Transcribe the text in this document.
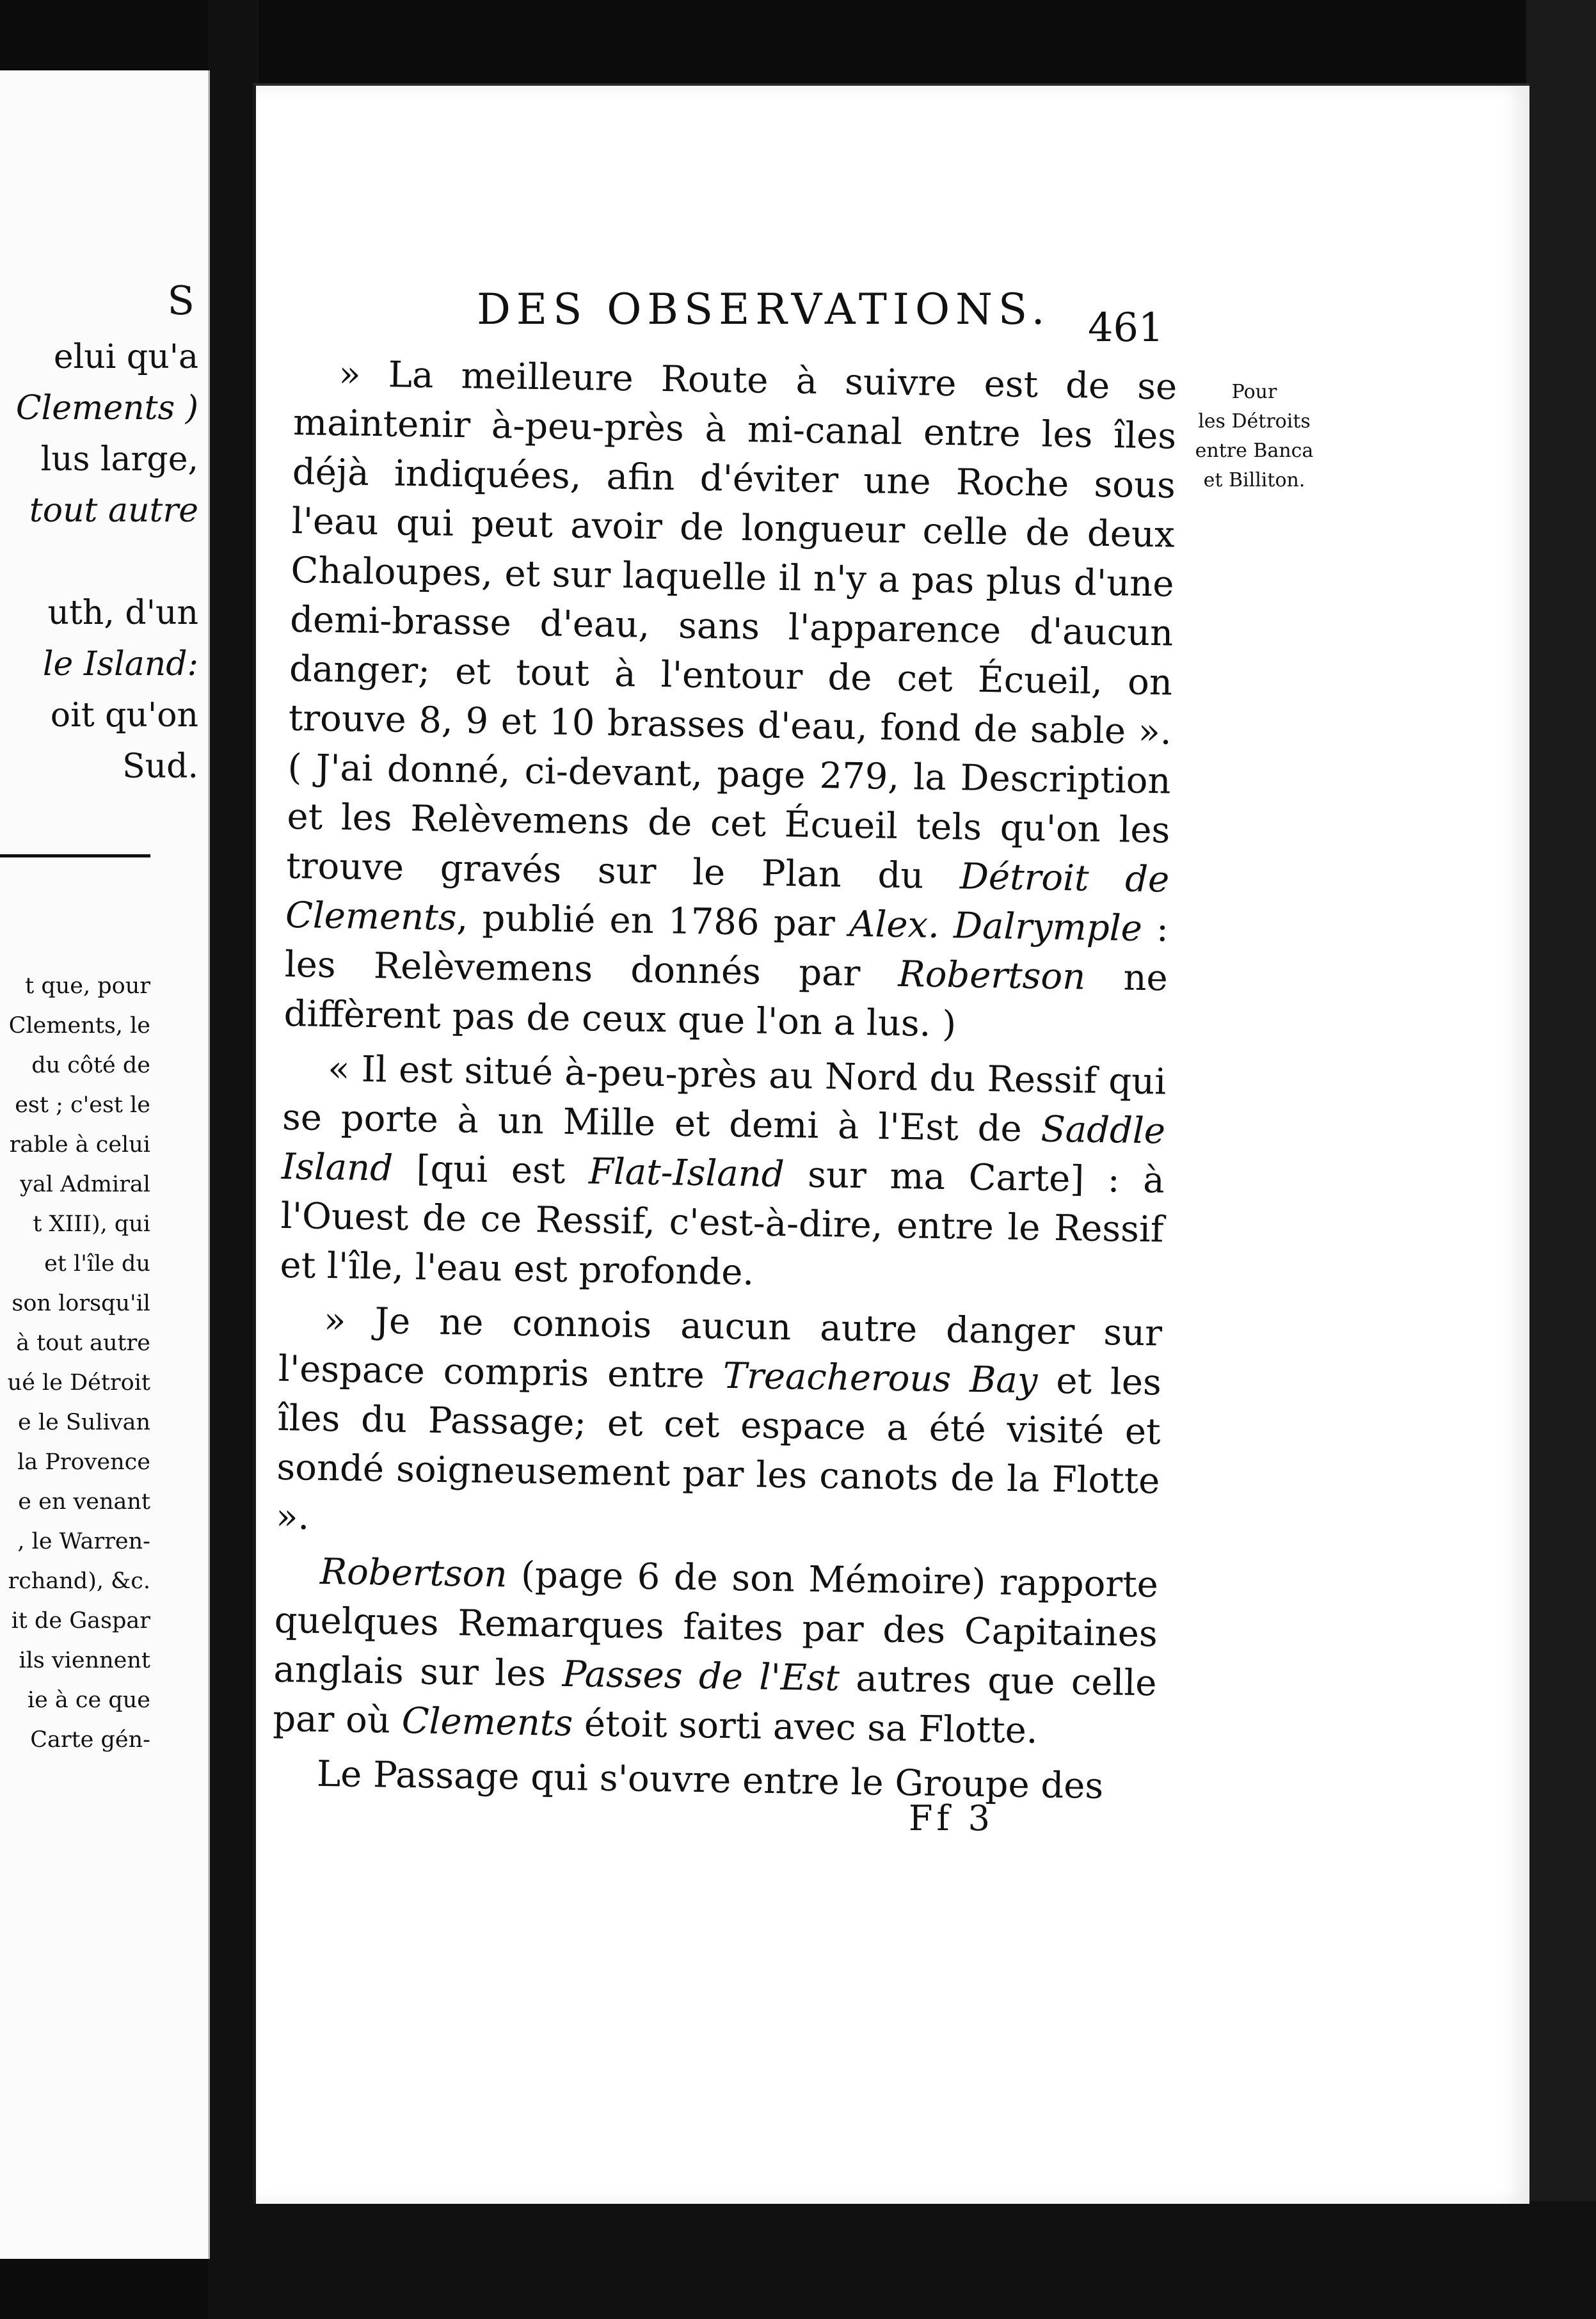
S
elui qu'a
Clements )
lus large,
tout autre

uth, d'un
le Island:
oit qu'on
Sud.
t que, pour
Clements, le
du côté de
est ; c'est le
rable à celui
yal Admiral
t XIII), qui
et l'île du
son lorsqu'il
à tout autre
ué le Détroit
e le Sulivan
la Provence
e en venant
, le Warren-
rchand), &c.
it de Gaspar
ils viennent
ie à ce que
Carte gén-
DES OBSERVATIONS. 461
Pour
les Détroits
entre Banca
et Billiton.

» La meilleure Route à suivre est de se maintenir à-peu-près à mi-canal entre les îles déjà indiquées, afin d'éviter une Roche sous l'eau qui peut avoir de longueur celle de deux Chaloupes, et sur laquelle il n'y a pas plus d'une demi-brasse d'eau, sans l'apparence d'aucun danger; et tout à l'entour de cet Écueil, on trouve 8, 9 et 10 brasses d'eau, fond de sable ». ( J'ai donné, ci-devant, page 279, la Description et les Relèvemens de cet Écueil tels qu'on les trouve gravés sur le Plan du Détroit de Clements, publié en 1786 par Alex. Dalrymple : les Relèvemens donnés par Robertson ne diffèrent pas de ceux que l'on a lus. )

« Il est situé à-peu-près au Nord du Ressif qui se porte à un Mille et demi à l'Est de Saddle Island [qui est Flat-Island sur ma Carte] : à l'Ouest de ce Ressif, c'est-à-dire, entre le Ressif et l'île, l'eau est profonde.

» Je ne connois aucun autre danger sur l'espace compris entre Treacherous Bay et les îles du Passage; et cet espace a été visité et sondé soigneusement par les canots de la Flotte ».

Robertson (page 6 de son Mémoire) rapporte quelques Remarques faites par des Capitaines anglais sur les Passes de l'Est autres que celle par où Clements étoit sorti avec sa Flotte.

Le Passage qui s'ouvre entre le Groupe des

Ff 3
